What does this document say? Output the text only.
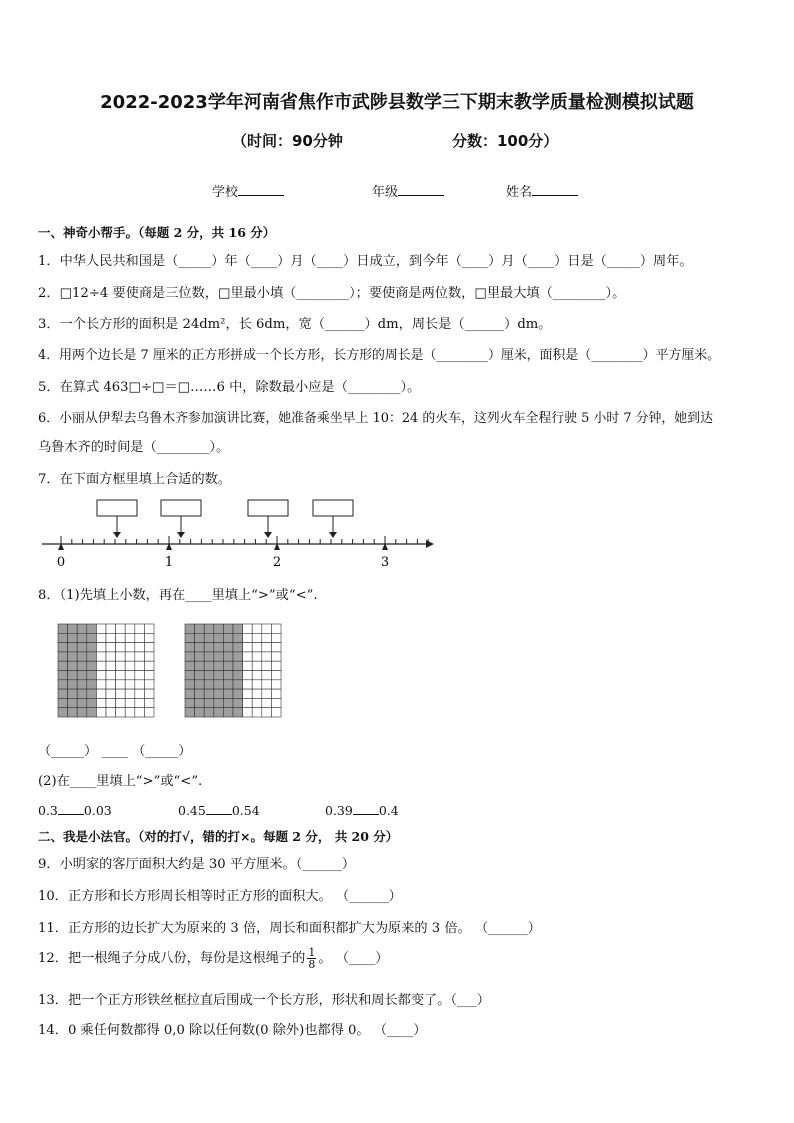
2022-2023学年河南省焦作市武陟县数学三下期末教学质量检测模拟试题
（时间：90分钟	分数：100分）
学校	年级	姓名
一、神奇小帮手。（每题 2 分，共 16 分）
1．中华人民共和国是（_____）年（____）月（____）日成立，到今年（____）月（____）日是（_____）周年。
2．□12÷4 要使商是三位数，□里最小填（________）；要使商是两位数，□里最大填（________）。
3．一个长方形的面积是 24dm²，长 6dm，宽（______）dm，周长是（______）dm。
4．用两个边长是 7 厘米的正方形拼成一个长方形，长方形的周长是（________）厘米，面积是（________）平方厘米。
5．在算式 463□÷□＝□……6 中，除数最小应是（________）。
6．小丽从伊犁去乌鲁木齐参加演讲比赛，她准备乘坐早上 10：24 的火车，这列火车全程行驶 5 小时 7 分钟，她到达
乌鲁木齐的时间是（________）。
7．在下面方框里填上合适的数。
0	1	2	3
8．（1)先填上小数，再在____里填上“>”或“<”.
（_____） ____ （_____）
(2)在____里填上“>”或“<”.
0.3 0.03	0.45 0.54	0.39 0.4
二、我是小法官。（对的打√，错的打×。每题 2 分， 共 20 分）
9．小明家的客厅面积大约是 30 平方厘米。（______）
10．正方形和长方形周长相等时正方形的面积大。 （______）
11．正方形的边长扩大为原来的 3 倍，周长和面积都扩大为原来的 3 倍。 （______）
12．把一根绳子分成八份，每份是这根绳子的 $\frac{1}{8}$ 。 （____）
13．把一个正方形铁丝框拉直后围成一个长方形，形状和周长都变了。（___）
14．0 乘任何数都得 0,0 除以任何数(0 除外)也都得 0。 （____）
